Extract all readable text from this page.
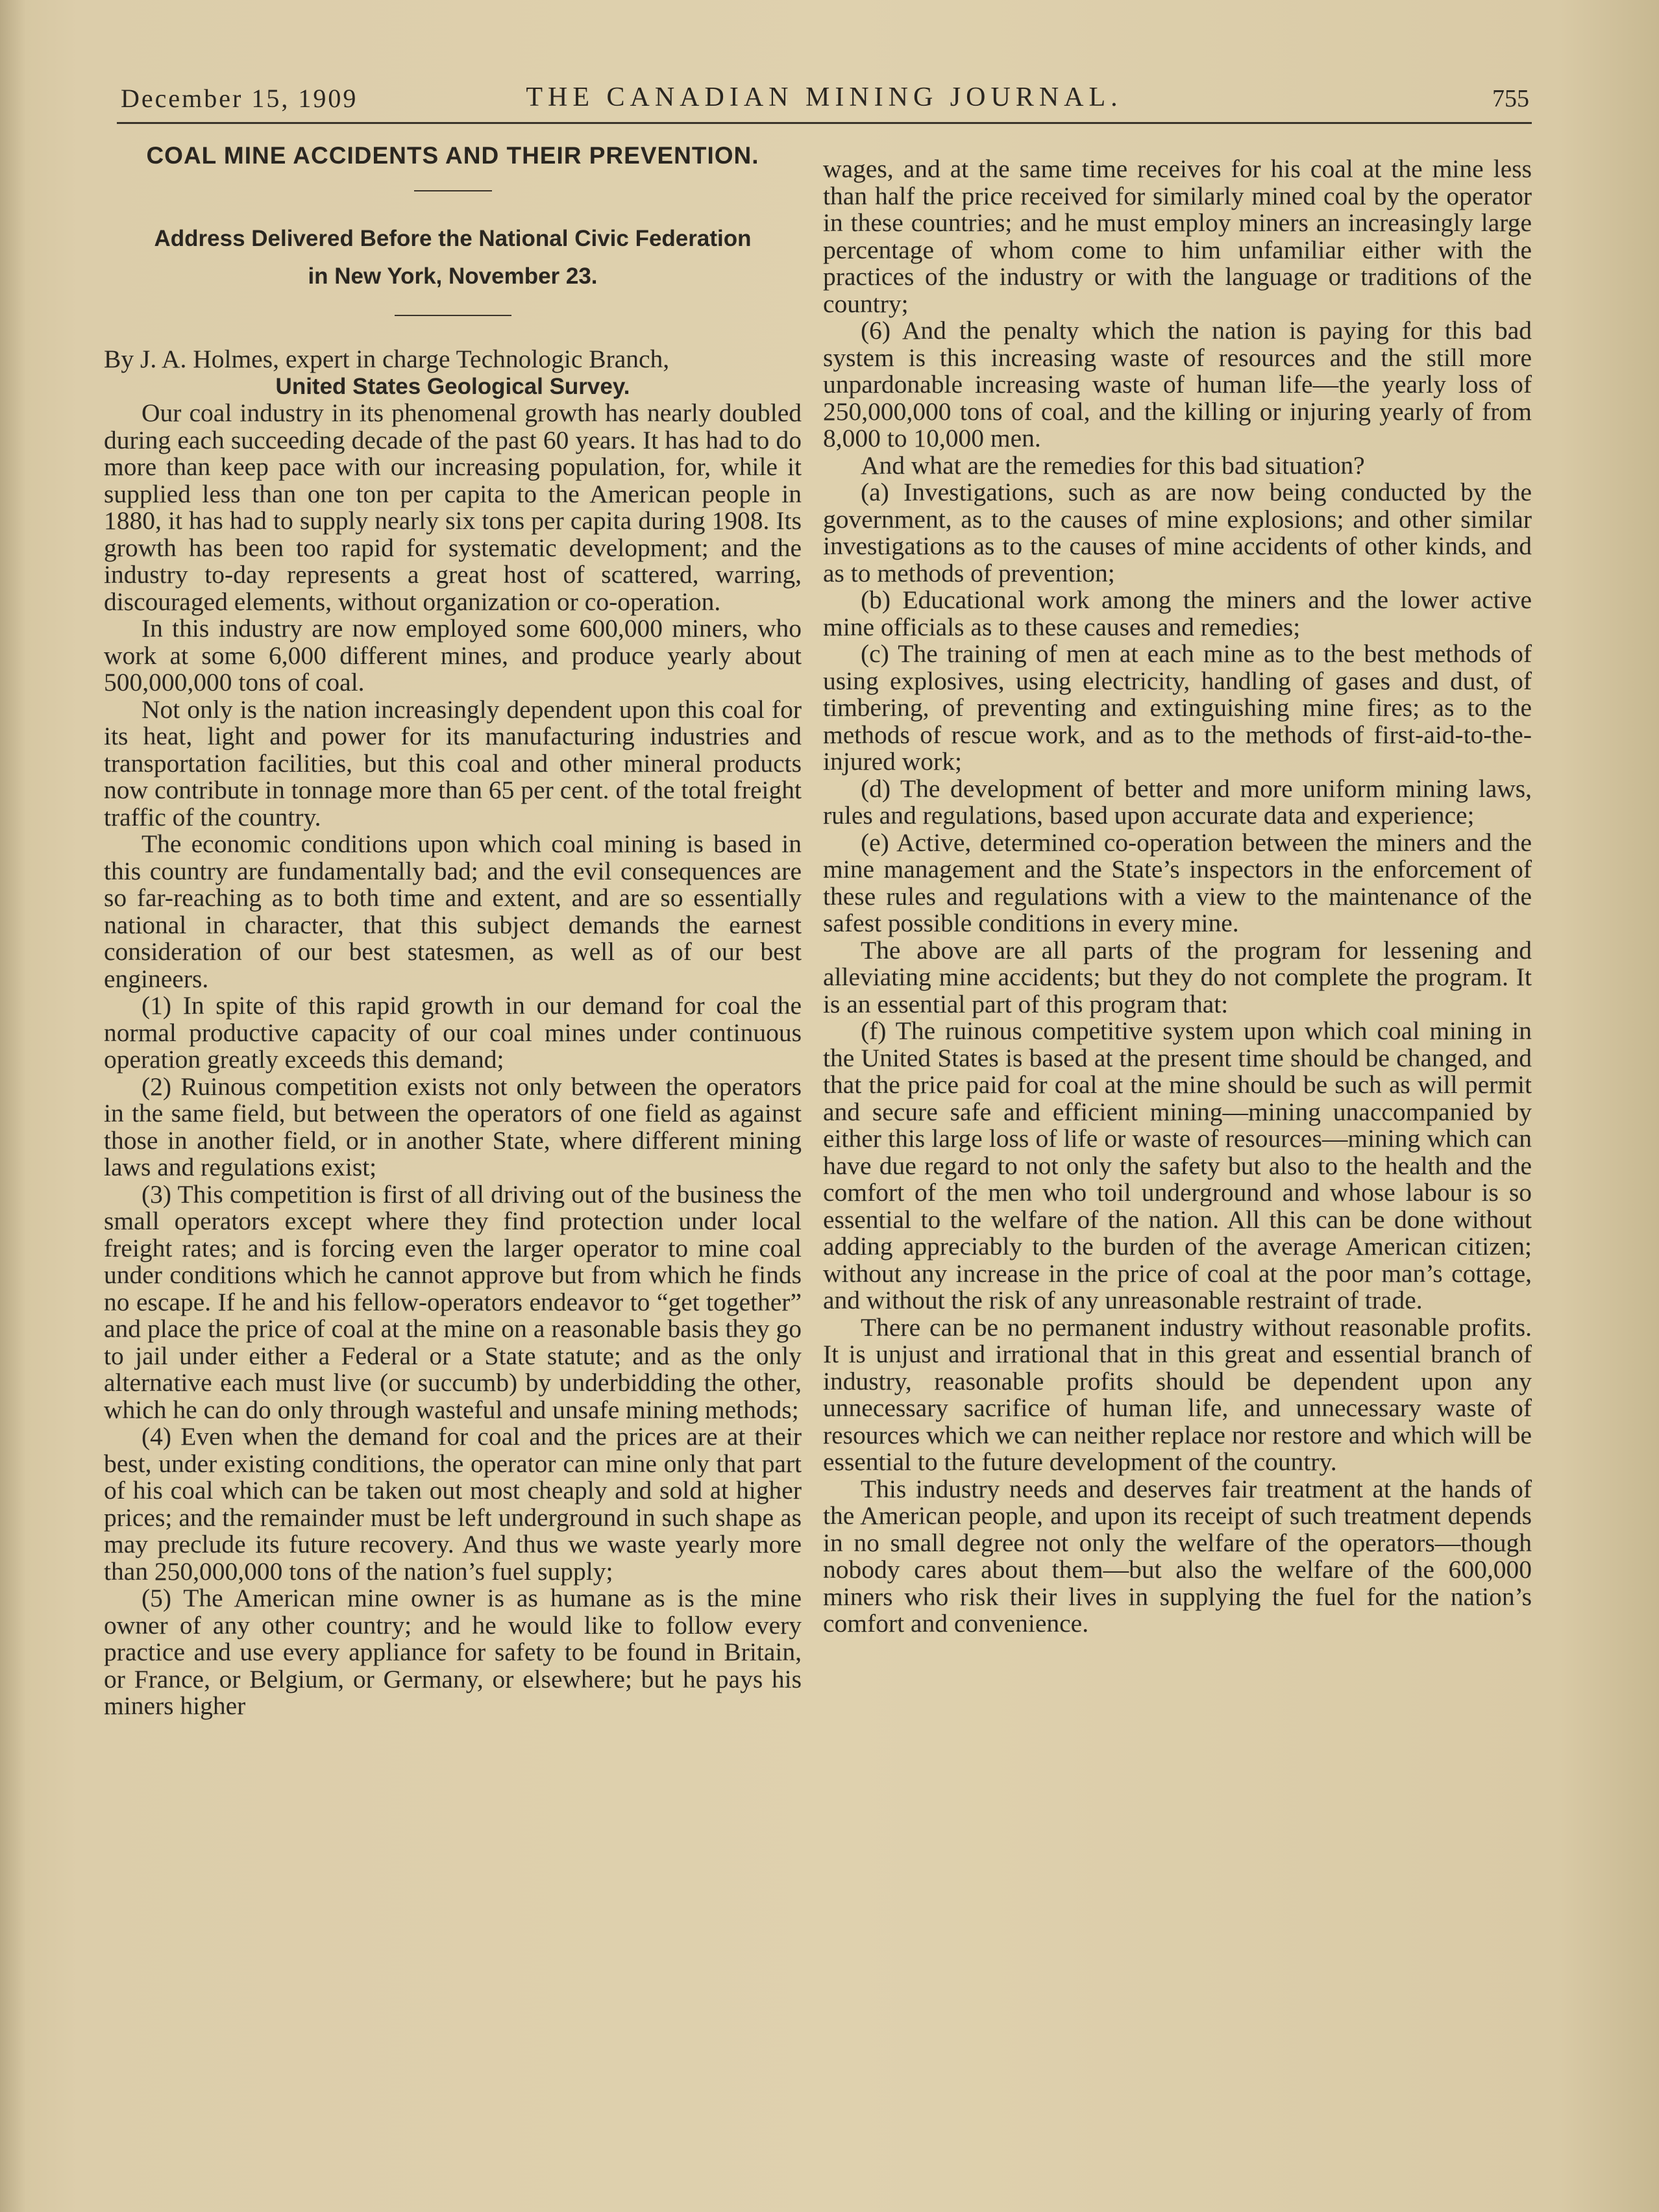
December 15, 1909	THE CANADIAN MINING JOURNAL.	755
COAL MINE ACCIDENTS AND THEIR PREVENTION.
Address Delivered Before the National Civic Federation
in New York, November 23.

By J. A. Holmes, expert in charge Technologic Branch,
United States Geological Survey.

Our coal industry in its phenomenal growth has nearly doubled during each succeeding decade of the past 60 years. It has had to do more than keep pace with our increasing population, for, while it supplied less than one ton per capita to the American people in 1880, it has had to supply nearly six tons per capita during 1908. Its growth has been too rapid for systematic development; and the industry to-day represents a great host of scattered, warring, discouraged elements, without organization or co-operation.

In this industry are now employed some 600,000 miners, who work at some 6,000 different mines, and produce yearly about 500,000,000 tons of coal.

Not only is the nation increasingly dependent upon this coal for its heat, light and power for its manufacturing industries and transportation facilities, but this coal and other mineral products now contribute in tonnage more than 65 per cent. of the total freight traffic of the country.

The economic conditions upon which coal mining is based in this country are fundamentally bad; and the evil consequences are so far-reaching as to both time and extent, and are so essentially national in character, that this subject demands the earnest consideration of our best statesmen, as well as of our best engineers.

(1) In spite of this rapid growth in our demand for coal the normal productive capacity of our coal mines under continuous operation greatly exceeds this demand;

(2) Ruinous competition exists not only between the operators in the same field, but between the operators of one field as against those in another field, or in another State, where different mining laws and regulations exist;

(3) This competition is first of all driving out of the business the small operators except where they find protection under local freight rates; and is forcing even the larger operator to mine coal under conditions which he cannot approve but from which he finds no escape. If he and his fellow-operators endeavor to “get together” and place the price of coal at the mine on a reasonable basis they go to jail under either a Federal or a State statute; and as the only alternative each must live (or succumb) by underbidding the other, which he can do only through wasteful and unsafe mining methods;

(4) Even when the demand for coal and the prices are at their best, under existing conditions, the operator can mine only that part of his coal which can be taken out most cheaply and sold at higher prices; and the remainder must be left underground in such shape as may preclude its future recovery. And thus we waste yearly more than 250,000,000 tons of the nation’s fuel supply;

(5) The American mine owner is as humane as is the mine owner of any other country; and he would like to follow every practice and use every appliance for safety to be found in Britain, or France, or Belgium, or Germany, or elsewhere; but he pays his miners higher

wages, and at the same time receives for his coal at the mine less than half the price received for similarly mined coal by the operator in these countries; and he must employ miners an increasingly large percentage of whom come to him unfamiliar either with the practices of the industry or with the language or traditions of the country;

(6) And the penalty which the nation is paying for this bad system is this increasing waste of resources and the still more unpardonable increasing waste of human life—the yearly loss of 250,000,000 tons of coal, and the killing or injuring yearly of from 8,000 to 10,000 men.

And what are the remedies for this bad situation?

(a) Investigations, such as are now being conducted by the government, as to the causes of mine explosions; and other similar investigations as to the causes of mine accidents of other kinds, and as to methods of prevention;

(b) Educational work among the miners and the lower active mine officials as to these causes and remedies;

(c) The training of men at each mine as to the best methods of using explosives, using electricity, handling of gases and dust, of timbering, of preventing and extinguishing mine fires; as to the methods of rescue work, and as to the methods of first-aid-to-the-injured work;

(d) The development of better and more uniform mining laws, rules and regulations, based upon accurate data and experience;

(e) Active, determined co-operation between the miners and the mine management and the State’s inspectors in the enforcement of these rules and regulations with a view to the maintenance of the safest possible conditions in every mine.

The above are all parts of the program for lessening and alleviating mine accidents; but they do not complete the program. It is an essential part of this program that:

(f) The ruinous competitive system upon which coal mining in the United States is based at the present time should be changed, and that the price paid for coal at the mine should be such as will permit and secure safe and efficient mining—mining unaccompanied by either this large loss of life or waste of resources—mining which can have due regard to not only the safety but also to the health and the comfort of the men who toil underground and whose labour is so essential to the welfare of the nation. All this can be done without adding appreciably to the burden of the average American citizen; without any increase in the price of coal at the poor man’s cottage, and without the risk of any unreasonable restraint of trade.

There can be no permanent industry without reasonable profits. It is unjust and irrational that in this great and essential branch of industry, reasonable profits should be dependent upon any unnecessary sacrifice of human life, and unnecessary waste of resources which we can neither replace nor restore and which will be essential to the future development of the country.

This industry needs and deserves fair treatment at the hands of the American people, and upon its receipt of such treatment depends in no small degree not only the welfare of the operators—though nobody cares about them—but also the welfare of the 600,000 miners who risk their lives in supplying the fuel for the nation’s comfort and convenience.
